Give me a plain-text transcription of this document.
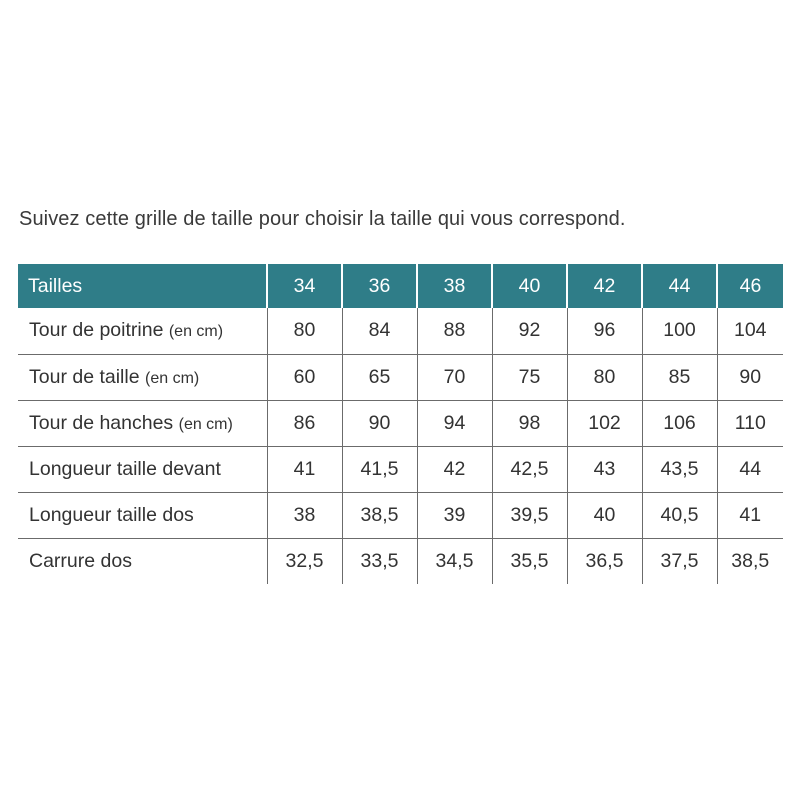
Suivez cette grille de taille pour choisir la taille qui vous correspond.
Tailles	34	36	38	40	42	44	46
Tour de poitrine (en cm)	80	84	88	92	96	100	104
Tour de taille (en cm)	60	65	70	75	80	85	90
Tour de hanches (en cm)	86	90	94	98	102	106	110
Longueur taille devant	41	41,5	42	42,5	43	43,5	44
Longueur taille dos	38	38,5	39	39,5	40	40,5	41
Carrure dos	32,5	33,5	34,5	35,5	36,5	37,5	38,5
